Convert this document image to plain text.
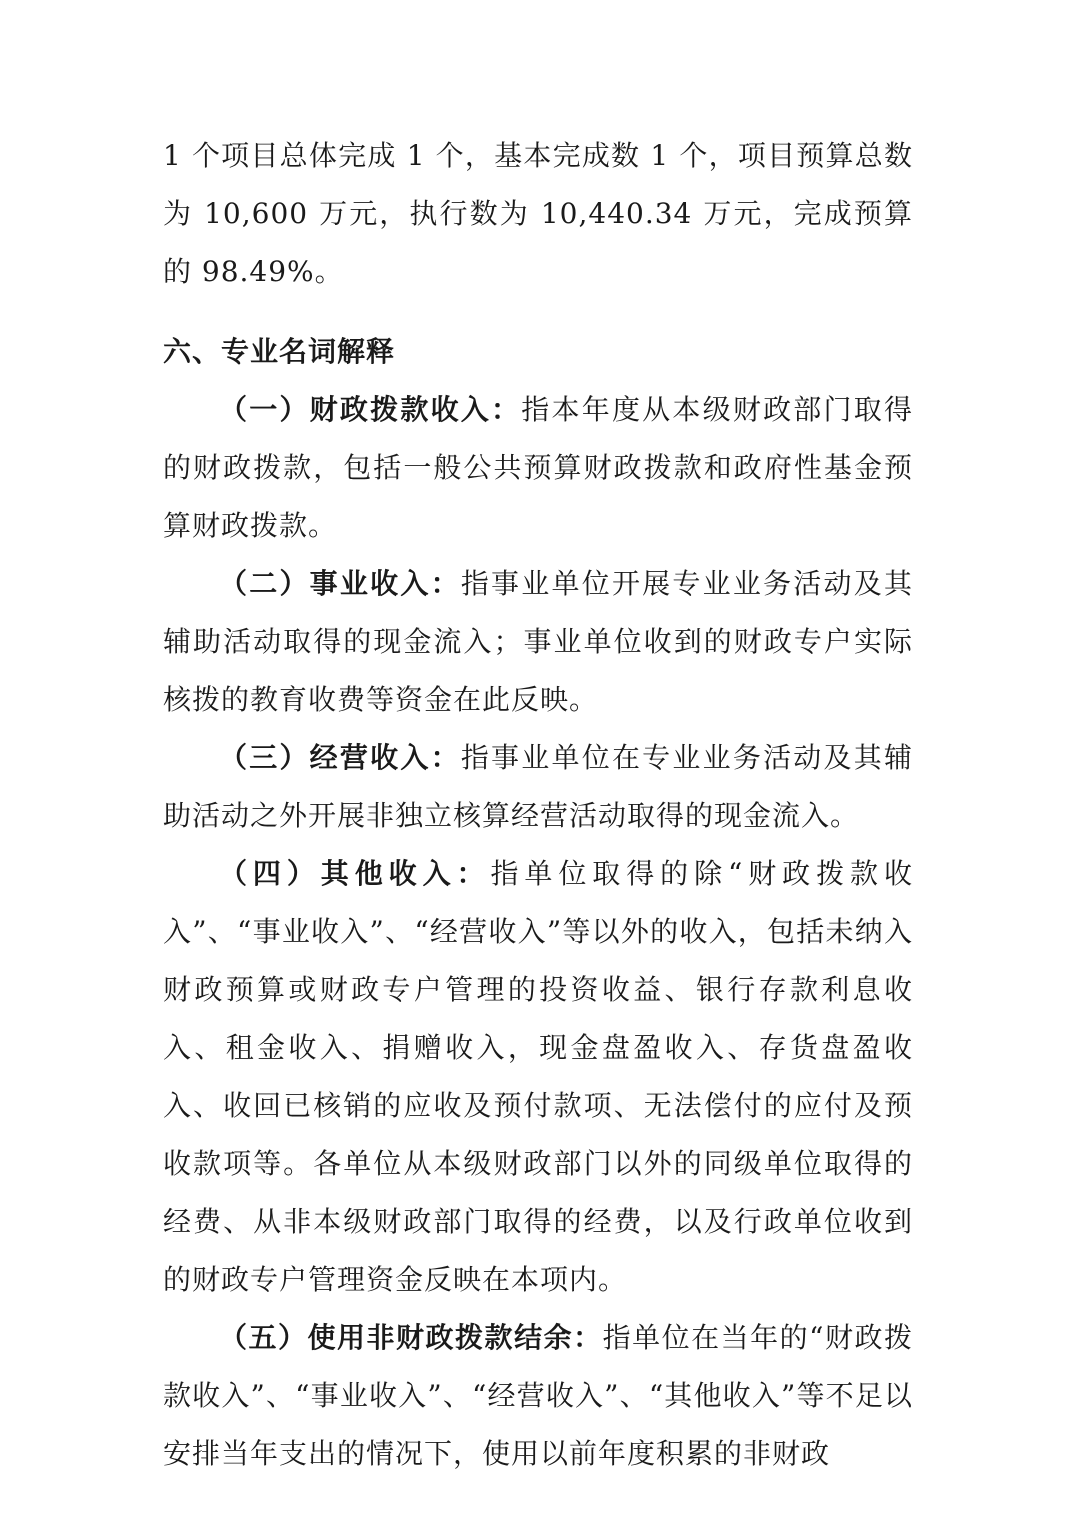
1 个项目总体完成 1 个，基本完成数 1 个，项目预算总数为 10,600 万元，执行数为 10,440.34 万元，完成预算的 98.49%。

六、专业名词解释

（一）财政拨款收入：指本年度从本级财政部门取得的财政拨款，包括一般公共预算财政拨款和政府性基金预算财政拨款。

（二）事业收入：指事业单位开展专业业务活动及其辅助活动取得的现金流入；事业单位收到的财政专户实际核拨的教育收费等资金在此反映。

（三）经营收入：指事业单位在专业业务活动及其辅助活动之外开展非独立核算经营活动取得的现金流入。

（四）其他收入：指单位取得的除“财政拨款收入”、“事业收入”、“经营收入”等以外的收入，包括未纳入财政预算或财政专户管理的投资收益、银行存款利息收入、租金收入、捐赠收入，现金盘盈收入、存货盘盈收入、收回已核销的应收及预付款项、无法偿付的应付及预收款项等。各单位从本级财政部门以外的同级单位取得的经费、从非本级财政部门取得的经费，以及行政单位收到的财政专户管理资金反映在本项内。

（五）使用非财政拨款结余：指单位在当年的“财政拨款收入”、“事业收入”、“经营收入”、“其他收入”等不足以安排当年支出的情况下，使用以前年度积累的非财政
